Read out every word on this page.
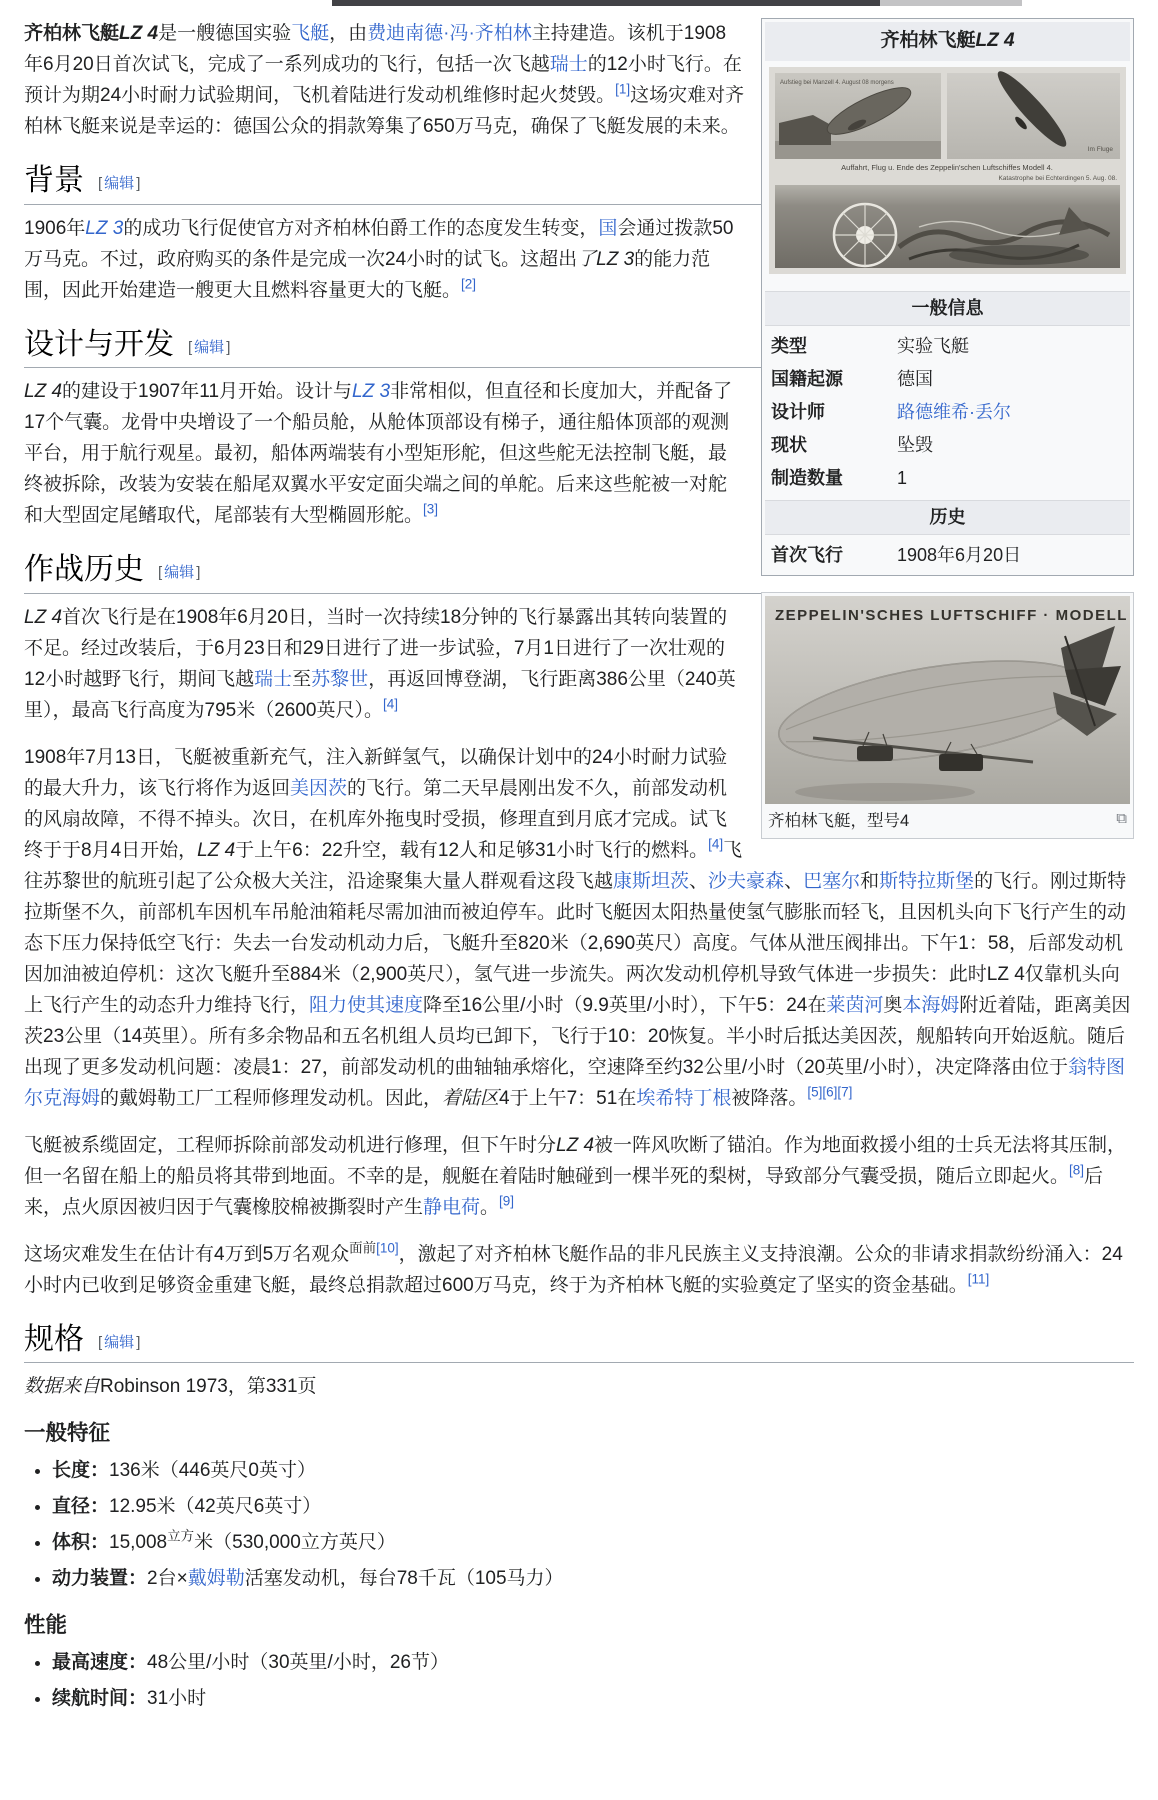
齐柏林飞艇LZ 4
Aufstieg bei Manzell 4. August 08 morgens
Im Fluge
Auffahrt, Flug u. Ende des Zeppelin'schen Luftschiffes Modell 4.
Katastrophe bei Echterdingen 5. Aug. 08.
一般信息
类型	实验飞艇
国籍起源	德国
设计师	路德维希·丢尔
现状	坠毁
制造数量	1
历史
首次飞行	1908年6月20日
ZEPPELIN'SCHES LUFTSCHIFF · MODELL 4 ·
齐柏林飞艇，型号4	⧉

齐柏林飞艇LZ 4是一艘德国实验飞艇，由费迪南德·冯·齐柏林主持建造。该机于1908年6月20日首次试飞，完成了一系列成功的飞行，包括一次飞越瑞士的12小时飞行。在预计为期24小时耐力试验期间，飞机着陆进行发动机维修时起火焚毁。[1]这场灾难对齐柏林飞艇来说是幸运的：德国公众的捐款筹集了650万马克，确保了飞艇发展的未来。

背景 [ 编辑 ]

1906年LZ 3的成功飞行促使官方对齐柏林伯爵工作的态度发生转变，国会通过拨款50万马克。不过，政府购买的条件是完成一次24小时的试飞。这超出了LZ 3的能力范围，因此开始建造一艘更大且燃料容量更大的飞艇。[2]

设计与开发 [ 编辑 ]

LZ 4的建设于1907年11月开始。设计与LZ 3非常相似，但直径和长度加大，并配备了17个气囊。龙骨中央增设了一个船员舱，从舱体顶部设有梯子，通往船体顶部的观测平台，用于航行观星。最初，船体两端装有小型矩形舵，但这些舵无法控制飞艇，最终被拆除，改装为安装在船尾双翼水平安定面尖端之间的单舵。后来这些舵被一对舵和大型固定尾鳍取代，尾部装有大型椭圆形舵。[3]

作战历史 [ 编辑 ]

LZ 4首次飞行是在1908年6月20日，当时一次持续18分钟的飞行暴露出其转向装置的不足。经过改装后，于6月23日和29日进行了进一步试验，7月1日进行了一次壮观的12小时越野飞行，期间飞越瑞士至苏黎世，再返回博登湖，飞行距离386公里（240英里），最高飞行高度为795米（2600英尺）。[4]

1908年7月13日，飞艇被重新充气，注入新鲜氢气，以确保计划中的24小时耐力试验的最大升力，该飞行将作为返回美因茨的飞行。第二天早晨刚出发不久，前部发动机的风扇故障，不得不掉头。次日，在机库外拖曳时受损，修理直到月底才完成。试飞终于于8月4日开始，LZ 4于上午6：22升空，载有12人和足够31小时飞行的燃料。[4]飞往苏黎世的航班引起了公众极大关注，沿途聚集大量人群观看这段飞越康斯坦茨、沙夫豪森、巴塞尔和斯特拉斯堡的飞行。刚过斯特拉斯堡不久，前部机车因机车吊舱油箱耗尽需加油而被迫停车。此时飞艇因太阳热量使氢气膨胀而轻飞，且因机头向下飞行产生的动态下压力保持低空飞行：失去一台发动机动力后，飞艇升至820米（2,690英尺）高度。气体从泄压阀排出。下午1：58，后部发动机因加油被迫停机：这次飞艇升至884米（2,900英尺），氢气进一步流失。两次发动机停机导致气体进一步损失：此时LZ 4仅靠机头向上飞行产生的动态升力维持飞行，阻力使其速度降至16公里/小时（9.9英里/小时），下午5：24在莱茵河奥本海姆附近着陆，距离美因茨23公里（14英里）。所有多余物品和五名机组人员均已卸下，飞行于10：20恢复。半小时后抵达美因茨，舰船转向开始返航。随后出现了更多发动机问题：凌晨1：27，前部发动机的曲轴轴承熔化，空速降至约32公里/小时（20英里/小时），决定降落由位于翁特图尔克海姆的戴姆勒工厂工程师修理发动机。因此，着陆区4于上午7：51在埃希特丁根被降落。[5][6][7]

飞艇被系缆固定，工程师拆除前部发动机进行修理，但下午时分LZ 4被一阵风吹断了锚泊。作为地面救援小组的士兵无法将其压制，但一名留在船上的船员将其带到地面。不幸的是，舰艇在着陆时触碰到一棵半死的梨树，导致部分气囊受损，随后立即起火。[8]后来，点火原因被归因于气囊橡胶棉被撕裂时产生静电荷。[9]

这场灾难发生在估计有4万到5万名观众$^{面前[10]}$，激起了对齐柏林飞艇作品的非凡民族主义支持浪潮。公众的非请求捐款纷纷涌入：24小时内已收到足够资金重建飞艇，最终总捐款超过600万马克，终于为齐柏林飞艇的实验奠定了坚实的资金基础。[11]

规格 [ 编辑 ]

数据来自Robinson 1973，第331页

一般特征
• 长度：136米（446英尺0英寸）
• 直径：12.95米（42英尺6英寸）
• 体积：$15,008^{立方}$米（530,000立方英尺）
• 动力装置：2台×戴姆勒活塞发动机，每台78千瓦（105马力）
性能
• 最高速度：48公里/小时（30英里/小时，26节）
• 续航时间：31小时
